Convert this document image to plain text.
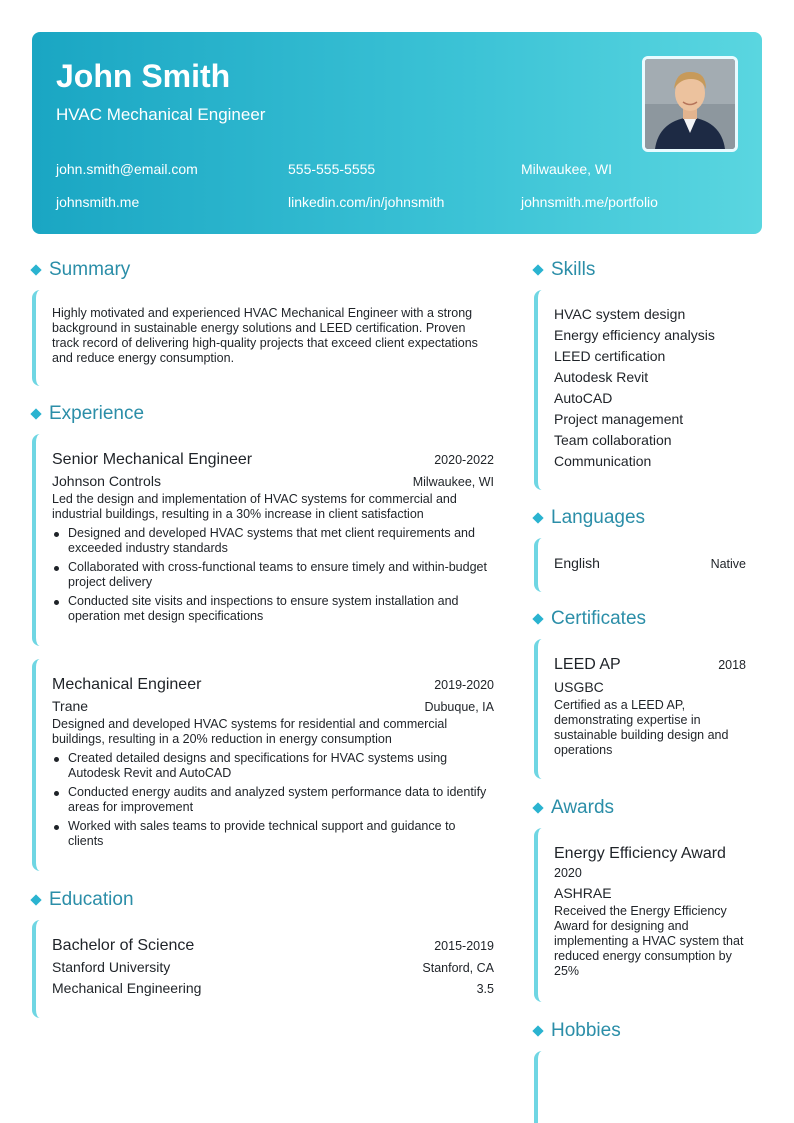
John Smith
HVAC Mechanical Engineer
john.smith@email.com	555-555-5555	Milwaukee, WI
johnsmith.me	linkedin.com/in/johnsmith	johnsmith.me/portfolio
Summary
Highly motivated and experienced HVAC Mechanical Engineer with a strong background in sustainable energy solutions and LEED certification. Proven track record of delivering high-quality projects that exceed client expectations and reduce energy consumption.
Experience
Senior Mechanical Engineer	2020-2022
Johnson Controls	Milwaukee, WI
Led the design and implementation of HVAC systems for commercial and industrial buildings, resulting in a 30% increase in client satisfaction
Designed and developed HVAC systems that met client requirements and exceeded industry standards
Collaborated with cross-functional teams to ensure timely and within-budget project delivery
Conducted site visits and inspections to ensure system installation and operation met design specifications
Mechanical Engineer	2019-2020
Trane	Dubuque, IA
Designed and developed HVAC systems for residential and commercial buildings, resulting in a 20% reduction in energy consumption
Created detailed designs and specifications for HVAC systems using Autodesk Revit and AutoCAD
Conducted energy audits and analyzed system performance data to identify areas for improvement
Worked with sales teams to provide technical support and guidance to clients
Education
Bachelor of Science	2015-2019
Stanford University	Stanford, CA
Mechanical Engineering	3.5
Skills
HVAC system design
Energy efficiency analysis
LEED certification
Autodesk Revit
AutoCAD
Project management
Team collaboration
Communication
Languages
English	Native
Certificates
LEED AP	2018
USGBC
Certified as a LEED AP, demonstrating expertise in sustainable building design and operations
Awards
Energy Efficiency Award
2020
ASHRAE
Received the Energy Efficiency Award for designing and implementing a HVAC system that reduced energy consumption by 25%
Hobbies
